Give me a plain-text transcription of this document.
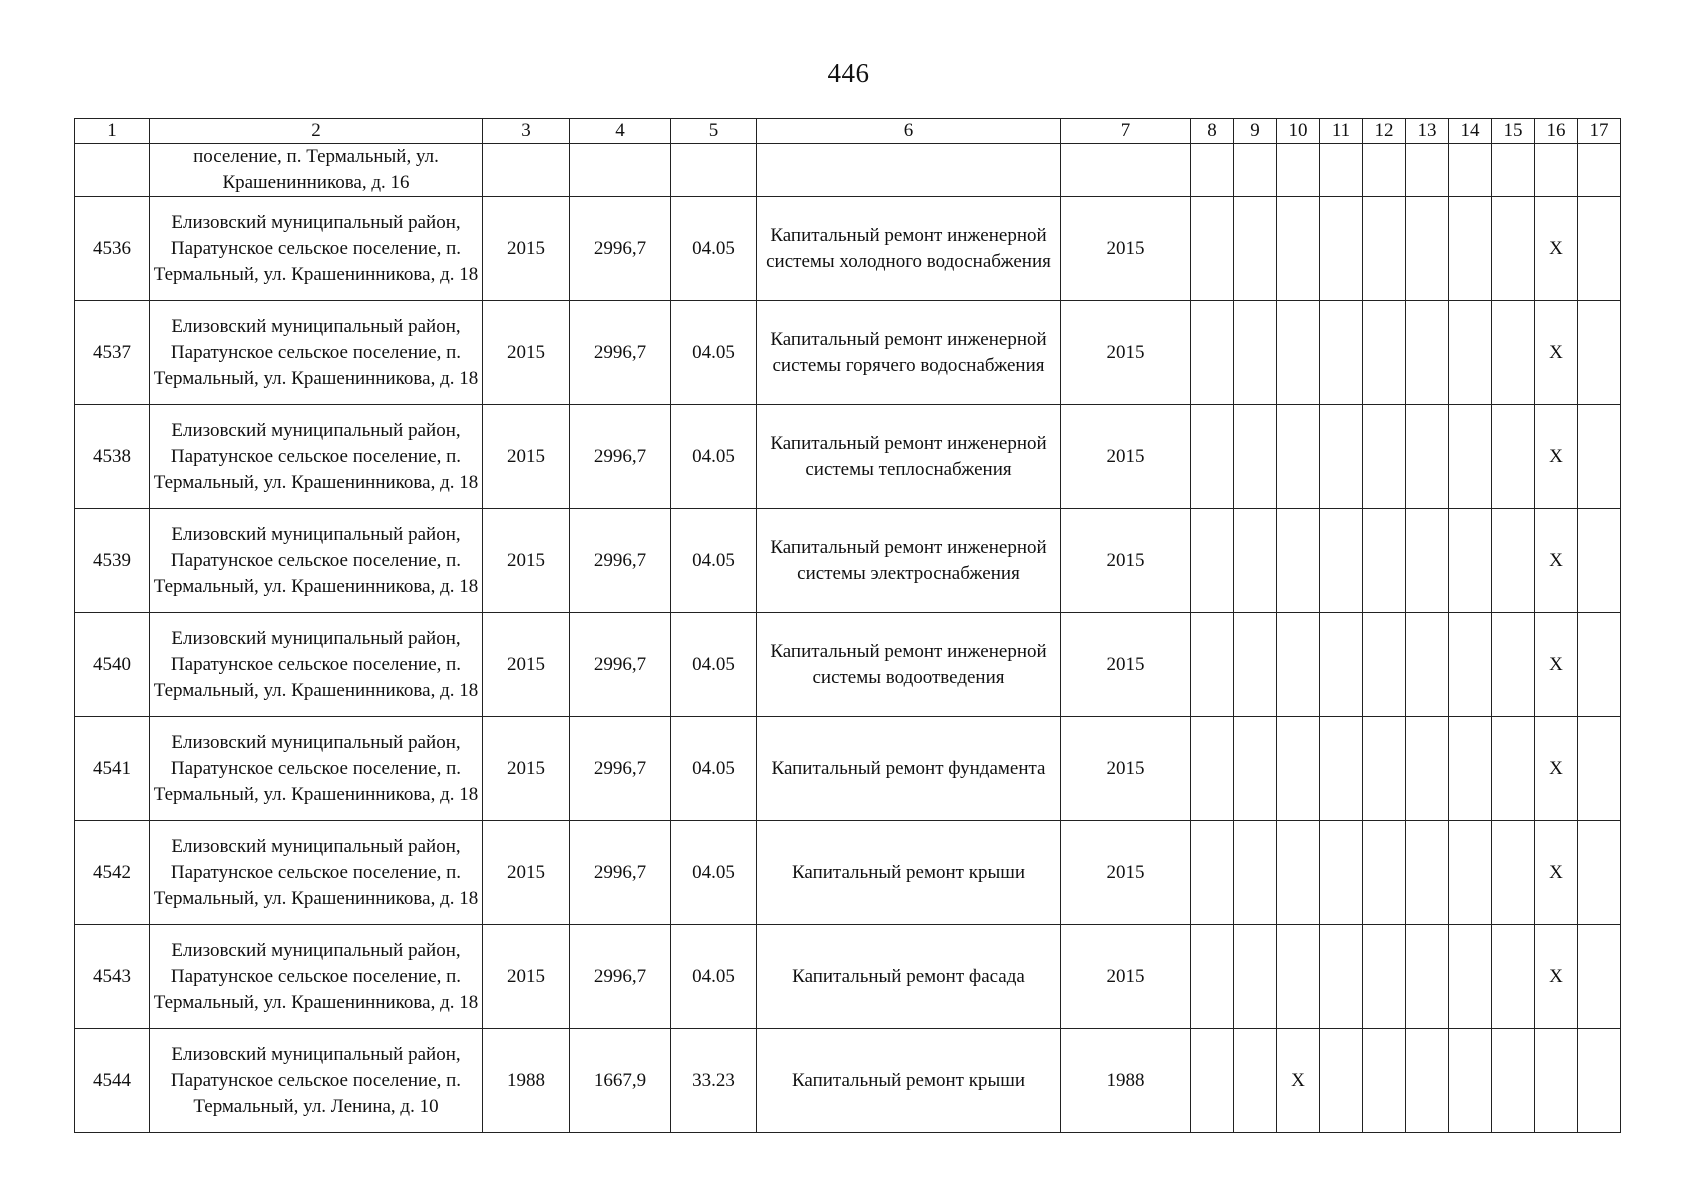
446
1	2	3	4	5	6	7	8	9	10	11	12	13	14	15	16	17
	поселение, п. Термальный, ул. Крашенинникова, д. 16															
4536	Елизовский муниципальный район, Паратунское сельское поселение, п. Термальный, ул. Крашенинникова, д. 18	2015	2996,7	04.05	Капитальный ремонт инженерной системы холодного водоснабжения	2015									X	
4537	Елизовский муниципальный район, Паратунское сельское поселение, п. Термальный, ул. Крашенинникова, д. 18	2015	2996,7	04.05	Капитальный ремонт инженерной системы горячего водоснабжения	2015									X	
4538	Елизовский муниципальный район, Паратунское сельское поселение, п. Термальный, ул. Крашенинникова, д. 18	2015	2996,7	04.05	Капитальный ремонт инженерной системы теплоснабжения	2015									X	
4539	Елизовский муниципальный район, Паратунское сельское поселение, п. Термальный, ул. Крашенинникова, д. 18	2015	2996,7	04.05	Капитальный ремонт инженерной системы электроснабжения	2015									X	
4540	Елизовский муниципальный район, Паратунское сельское поселение, п. Термальный, ул. Крашенинникова, д. 18	2015	2996,7	04.05	Капитальный ремонт инженерной системы водоотведения	2015									X	
4541	Елизовский муниципальный район, Паратунское сельское поселение, п. Термальный, ул. Крашенинникова, д. 18	2015	2996,7	04.05	Капитальный ремонт фундамента	2015									X	
4542	Елизовский муниципальный район, Паратунское сельское поселение, п. Термальный, ул. Крашенинникова, д. 18	2015	2996,7	04.05	Капитальный ремонт крыши	2015									X	
4543	Елизовский муниципальный район, Паратунское сельское поселение, п. Термальный, ул. Крашенинникова, д. 18	2015	2996,7	04.05	Капитальный ремонт фасада	2015									X	
4544	Елизовский муниципальный район, Паратунское сельское поселение, п. Термальный, ул. Ленина, д. 10	1988	1667,9	33.23	Капитальный ремонт крыши	1988			X							
